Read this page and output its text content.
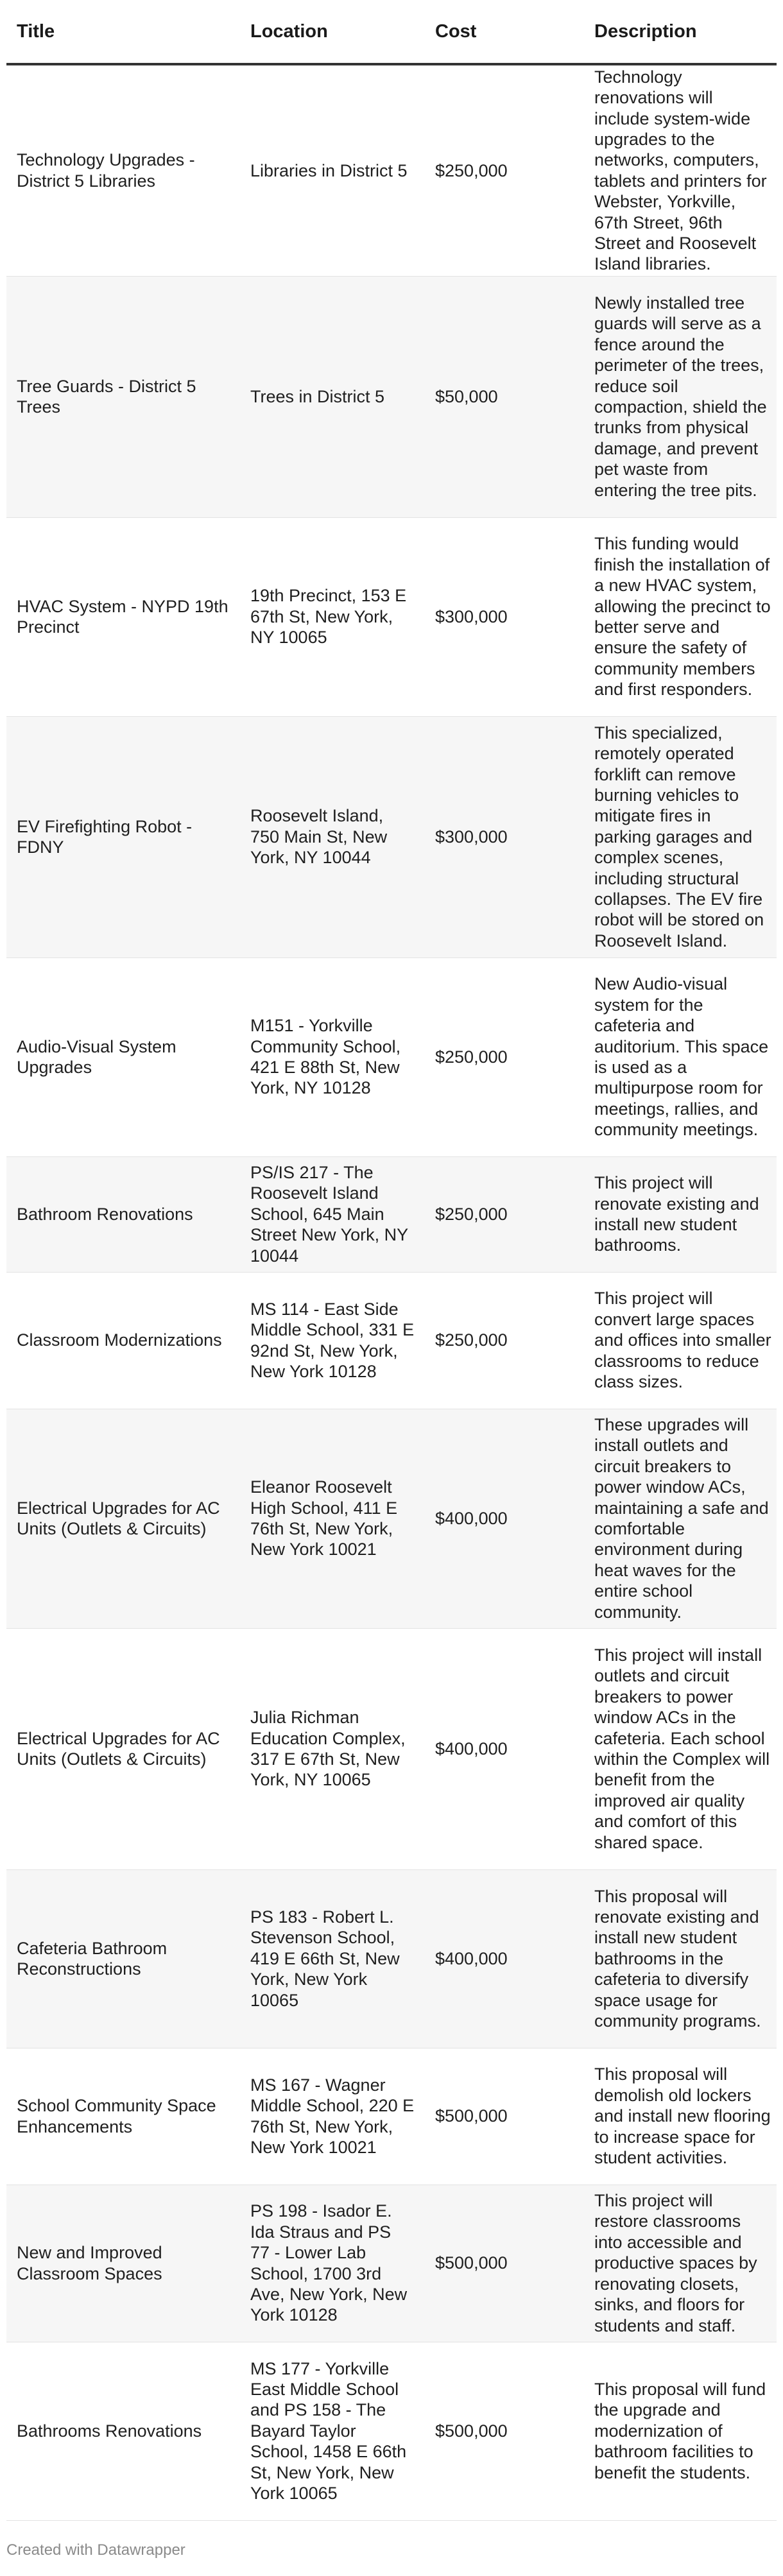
Title	Location	Cost	Description
Technology Upgrades - District 5 Libraries	Libraries in District 5	$250,000	Technology renovations will include system-wide upgrades to the networks, computers, tablets and printers for Webster, Yorkville, 67th Street, 96th Street and Roosevelt Island libraries.
Tree Guards - District 5 Trees	Trees in District 5	$50,000	Newly installed tree guards will serve as a fence around the perimeter of the trees, reduce soil compaction, shield the trunks from physical damage, and prevent pet waste from entering the tree pits.
HVAC System - NYPD 19th Precinct	19th Precinct, 153 E 67th St, New York, NY 10065	$300,000	This funding would finish the installation of a new HVAC system, allowing the precinct to better serve and ensure the safety of community members and first responders.
EV Firefighting Robot - FDNY	Roosevelt Island, 750 Main St, New York, NY 10044	$300,000	This specialized, remotely operated forklift can remove burning vehicles to mitigate fires in parking garages and complex scenes, including structural collapses. The EV fire robot will be stored on Roosevelt Island.
Audio-Visual System Upgrades	M151 - Yorkville Community School, 421 E 88th St, New York, NY 10128	$250,000	New Audio-visual system for the cafeteria and auditorium. This space is used as a multipurpose room for meetings, rallies, and community meetings.
Bathroom Renovations	PS/IS 217 - The Roosevelt Island School, 645 Main Street New York, NY 10044	$250,000	This project will renovate existing and install new student bathrooms.
Classroom Modernizations	MS 114 - East Side Middle School, 331 E 92nd St, New York, New York 10128	$250,000	This project will convert large spaces and offices into smaller classrooms to reduce class sizes.
Electrical Upgrades for AC Units (Outlets & Circuits)	Eleanor Roosevelt High School, 411 E 76th St, New York, New York 10021	$400,000	These upgrades will install outlets and circuit breakers to power window ACs, maintaining a safe and comfortable environment during heat waves for the entire school community.
Electrical Upgrades for AC Units (Outlets & Circuits)	Julia Richman Education Complex, 317 E 67th St, New York, NY 10065	$400,000	This project will install outlets and circuit breakers to power window ACs in the cafeteria. Each school within the Complex will benefit from the improved air quality and comfort of this shared space.
Cafeteria Bathroom Reconstructions	PS 183 - Robert L. Stevenson School, 419 E 66th St, New York, New York 10065	$400,000	This proposal will renovate existing and install new student bathrooms in the cafeteria to diversify space usage for community programs.
School Community Space Enhancements	MS 167 - Wagner Middle School, 220 E 76th St, New York, New York 10021	$500,000	This proposal will demolish old lockers and install new flooring to increase space for student activities.
New and Improved Classroom Spaces	PS 198 - Isador E. Ida Straus and PS 77 - Lower Lab School, 1700 3rd Ave, New York, New York 10128	$500,000	This project will restore classrooms into accessible and productive spaces by renovating closets, sinks, and floors for students and staff.
Bathrooms Renovations	MS 177 - Yorkville East Middle School and PS 158 - The Bayard Taylor School, 1458 E 66th St, New York, New York 10065	$500,000	This proposal will fund the upgrade and modernization of bathroom facilities to benefit the students.
Created with Datawrapper
